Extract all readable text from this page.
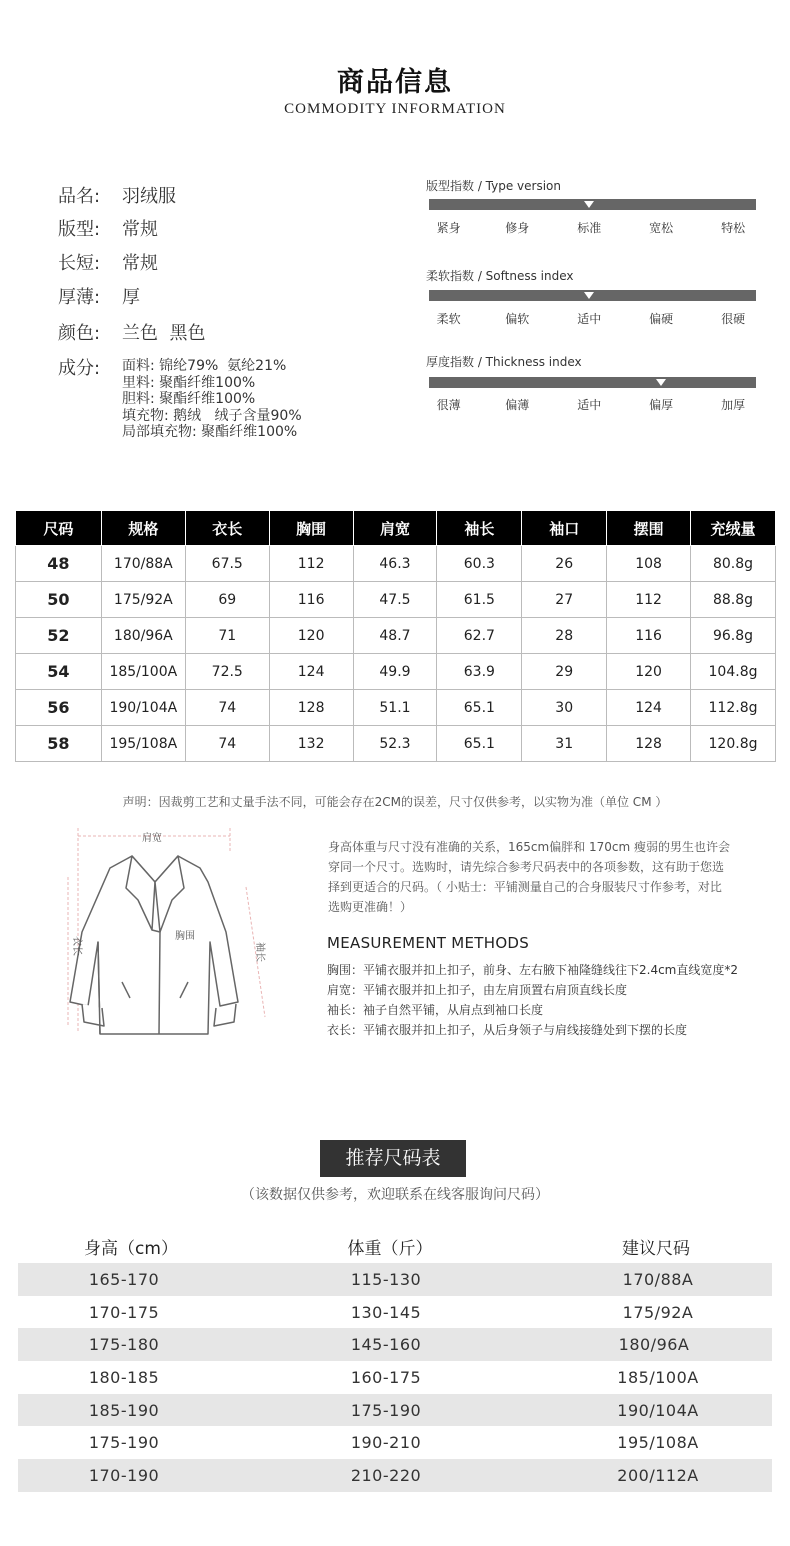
商品信息
COMMODITY INFORMATION
品名: 羽绒服
版型: 常规
长短: 常规
厚薄: 厚
颜色: 兰色  黑色
成分:	面料: 锦纶79%  氨纶21%
里料: 聚酯纤维100%
胆料: 聚酯纤维100%
填充物: 鹅绒   绒子含量90%
局部填充物: 聚酯纤维100%
版型指数 / Type version
紧身	修身	标准	宽松	特松
柔软指数 / Softness index
柔软	偏软	适中	偏硬	很硬
厚度指数 / Thickness index
很薄	偏薄	适中	偏厚	加厚
尺码	规格	衣长	胸围	肩宽	袖长	袖口	摆围	充绒量
48	170/88A	67.5	112	46.3	60.3	26	108	80.8g
50	175/92A	69	116	47.5	61.5	27	112	88.8g
52	180/96A	71	120	48.7	62.7	28	116	96.8g
54	185/100A	72.5	124	49.9	63.9	29	120	104.8g
56	190/104A	74	128	51.1	65.1	30	124	112.8g
58	195/108A	74	132	52.3	65.1	31	128	120.8g
声明：因裁剪工艺和丈量手法不同，可能会存在2CM的误差，尺寸仅供参考，以实物为准（单位 CM ）
肩宽
胸围
衣长	袖长
身高体重与尺寸没有准确的关系，165cm偏胖和 170cm 瘦弱的男生也许会
穿同一个尺寸。选购时，请先综合参考尺码表中的各项参数，这有助于您选
择到更适合的尺码。（ 小贴士：平铺测量自己的合身服装尺寸作参考，对比
选购更准确！）
MEASUREMENT METHODS
胸围：平铺衣服并扣上扣子，前身、左右腋下袖隆缝线往下2.4cm直线宽度*2
肩宽：平铺衣服并扣上扣子，由左肩顶置右肩顶直线长度
袖长：袖子自然平铺，从肩点到袖口长度
衣长：平铺衣服并扣上扣子，从后身领子与肩线接缝处到下摆的长度
推荐尺码表
（该数据仅供参考，欢迎联系在线客服询问尺码）
身高（cm）	体重（斤）	建议尺码
165-170	115-130	170/88A
170-175	130-145	175/92A
175-180	145-160	180/96A
180-185	160-175	185/100A
185-190	175-190	190/104A
175-190	190-210	195/108A
170-190	210-220	200/112A
